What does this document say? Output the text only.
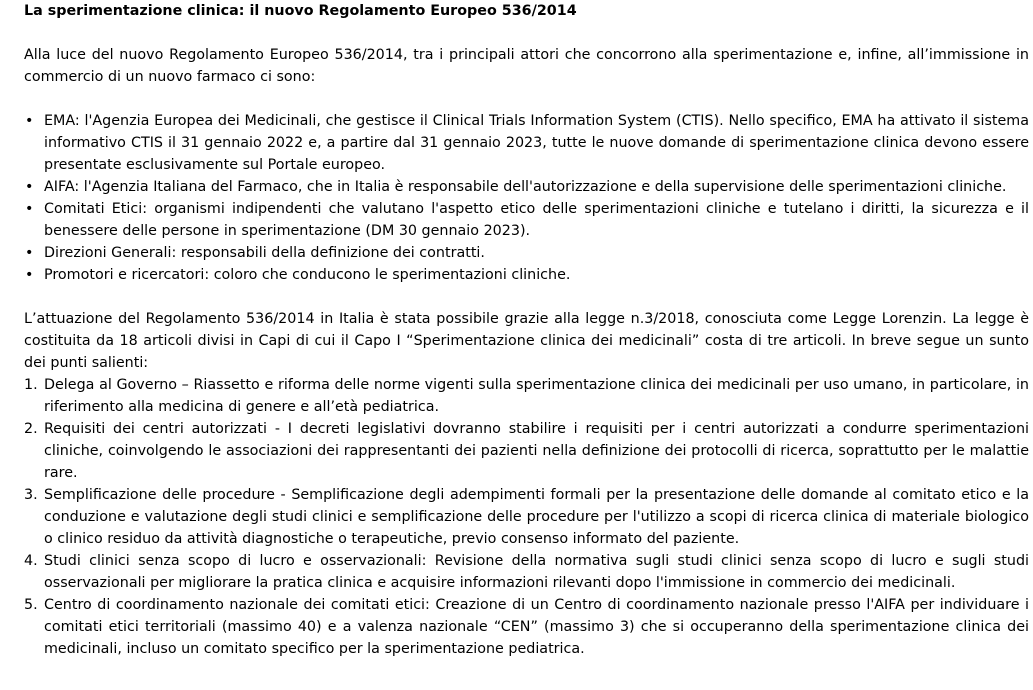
La sperimentazione clinica: il nuovo Regolamento Europeo 536/2014

Alla luce del nuovo Regolamento Europeo 536/2014, tra i principali attori che concorrono alla sperimentazione e, infine, all’immissione in commercio di un nuovo farmaco ci sono:

• EMA: l'Agenzia Europea dei Medicinali, che gestisce il Clinical Trials Information System (CTIS). Nello specifico, EMA ha attivato il sistema informativo CTIS il 31 gennaio 2022 e, a partire dal 31 gennaio 2023, tutte le nuove domande di sperimentazione clinica devono essere presentate esclusivamente sul Portale europeo.
• AIFA: l'Agenzia Italiana del Farmaco, che in Italia è responsabile dell'autorizzazione e della supervisione delle sperimentazioni cliniche.
• Comitati Etici: organismi indipendenti che valutano l'aspetto etico delle sperimentazioni cliniche e tutelano i diritti, la sicurezza e il benessere delle persone in sperimentazione (DM 30 gennaio 2023).
• Direzioni Generali: responsabili della definizione dei contratti.
• Promotori e ricercatori: coloro che conducono le sperimentazioni cliniche.

L’attuazione del Regolamento 536/2014 in Italia è stata possibile grazie alla legge n.3/2018, conosciuta come Legge Lorenzin. La legge è costituita da 18 articoli divisi in Capi di cui il Capo I “Sperimentazione clinica dei medicinali” costa di tre articoli. In breve segue un sunto dei punti salienti:

1. Delega al Governo – Riassetto e riforma delle norme vigenti sulla sperimentazione clinica dei medicinali per uso umano, in particolare, in riferimento alla medicina di genere e all’età pediatrica.
2. Requisiti dei centri autorizzati - I decreti legislativi dovranno stabilire i requisiti per i centri autorizzati a condurre sperimentazioni cliniche, coinvolgendo le associazioni dei rappresentanti dei pazienti nella definizione dei protocolli di ricerca, soprattutto per le malattie rare.
3. Semplificazione delle procedure - Semplificazione degli adempimenti formali per la presentazione delle domande al comitato etico e la conduzione e valutazione degli studi clinici e semplificazione delle procedure per l'utilizzo a scopi di ricerca clinica di materiale biologico o clinico residuo da attività diagnostiche o terapeutiche, previo consenso informato del paziente.
4. Studi clinici senza scopo di lucro e osservazionali: Revisione della normativa sugli studi clinici senza scopo di lucro e sugli studi osservazionali per migliorare la pratica clinica e acquisire informazioni rilevanti dopo l'immissione in commercio dei medicinali.
5. Centro di coordinamento nazionale dei comitati etici: Creazione di un Centro di coordinamento nazionale presso l'AIFA per individuare i comitati etici territoriali (massimo 40) e a valenza nazionale “CEN” (massimo 3) che si occuperanno della sperimentazione clinica dei medicinali, incluso un comitato specifico per la sperimentazione pediatrica.
